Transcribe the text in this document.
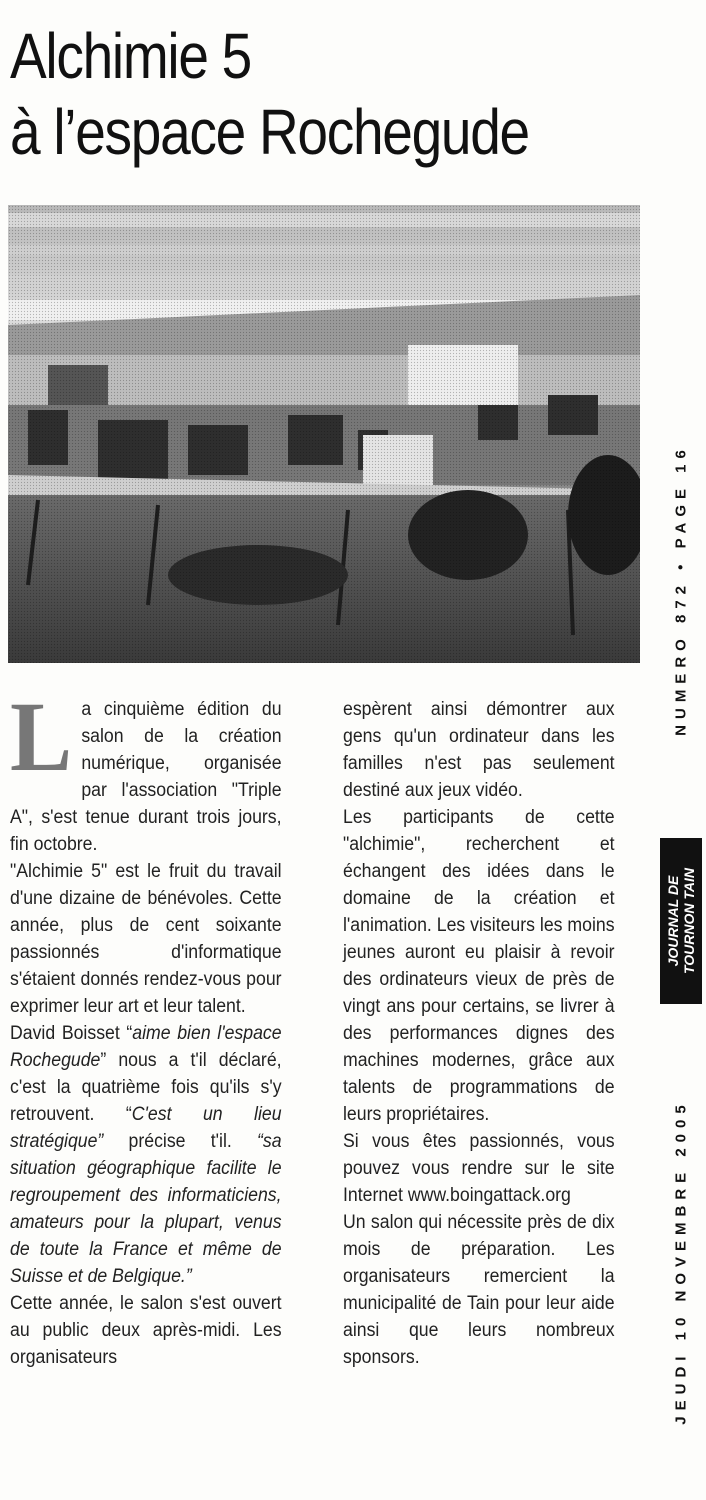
Alchimie 5
à l’espace Rochegude

La cinquième édition du salon de la création numérique, organisée par l'association "Triple A", s'est tenue durant trois jours, fin octobre.

"Alchimie 5" est le fruit du travail d'une dizaine de bénévoles. Cette année, plus de cent soixante passionnés d'informatique s'étaient donnés rendez-vous pour exprimer leur art et leur talent.

David Boisset “aime bien l'espace Rochegude” nous a t'il déclaré, c'est la quatrième fois qu'ils s'y retrouvent. “C'est un lieu stratégique” précise t'il. “sa situation géographique facilite le regroupement des informaticiens, amateurs pour la plupart, venus de toute la France et même de Suisse et de Belgique.”

Cette année, le salon s'est ouvert au public deux après-midi. Les organisateurs

espèrent ainsi démontrer aux gens qu'un ordinateur dans les familles n'est pas seulement destiné aux jeux vidéo.

Les participants de cette "alchimie", recherchent et échangent des idées dans le domaine de la création et l'animation. Les visiteurs les moins jeunes auront eu plaisir à revoir des ordinateurs vieux de près de vingt ans pour certains, se livrer à des performances dignes des machines modernes, grâce aux talents de programmations de leurs propriétaires.

Si vous êtes passionnés, vous pouvez vous rendre sur le site Internet www.boingattack.org

Un salon qui nécessite près de dix mois de préparation. Les organisateurs remercient la municipalité de Tain pour leur aide ainsi que leurs nombreux sponsors.

NUMERO 872 • PAGE 16
JOURNAL DE TOURNON TAIN
JEUDI 10 NOVEMBRE 2005
